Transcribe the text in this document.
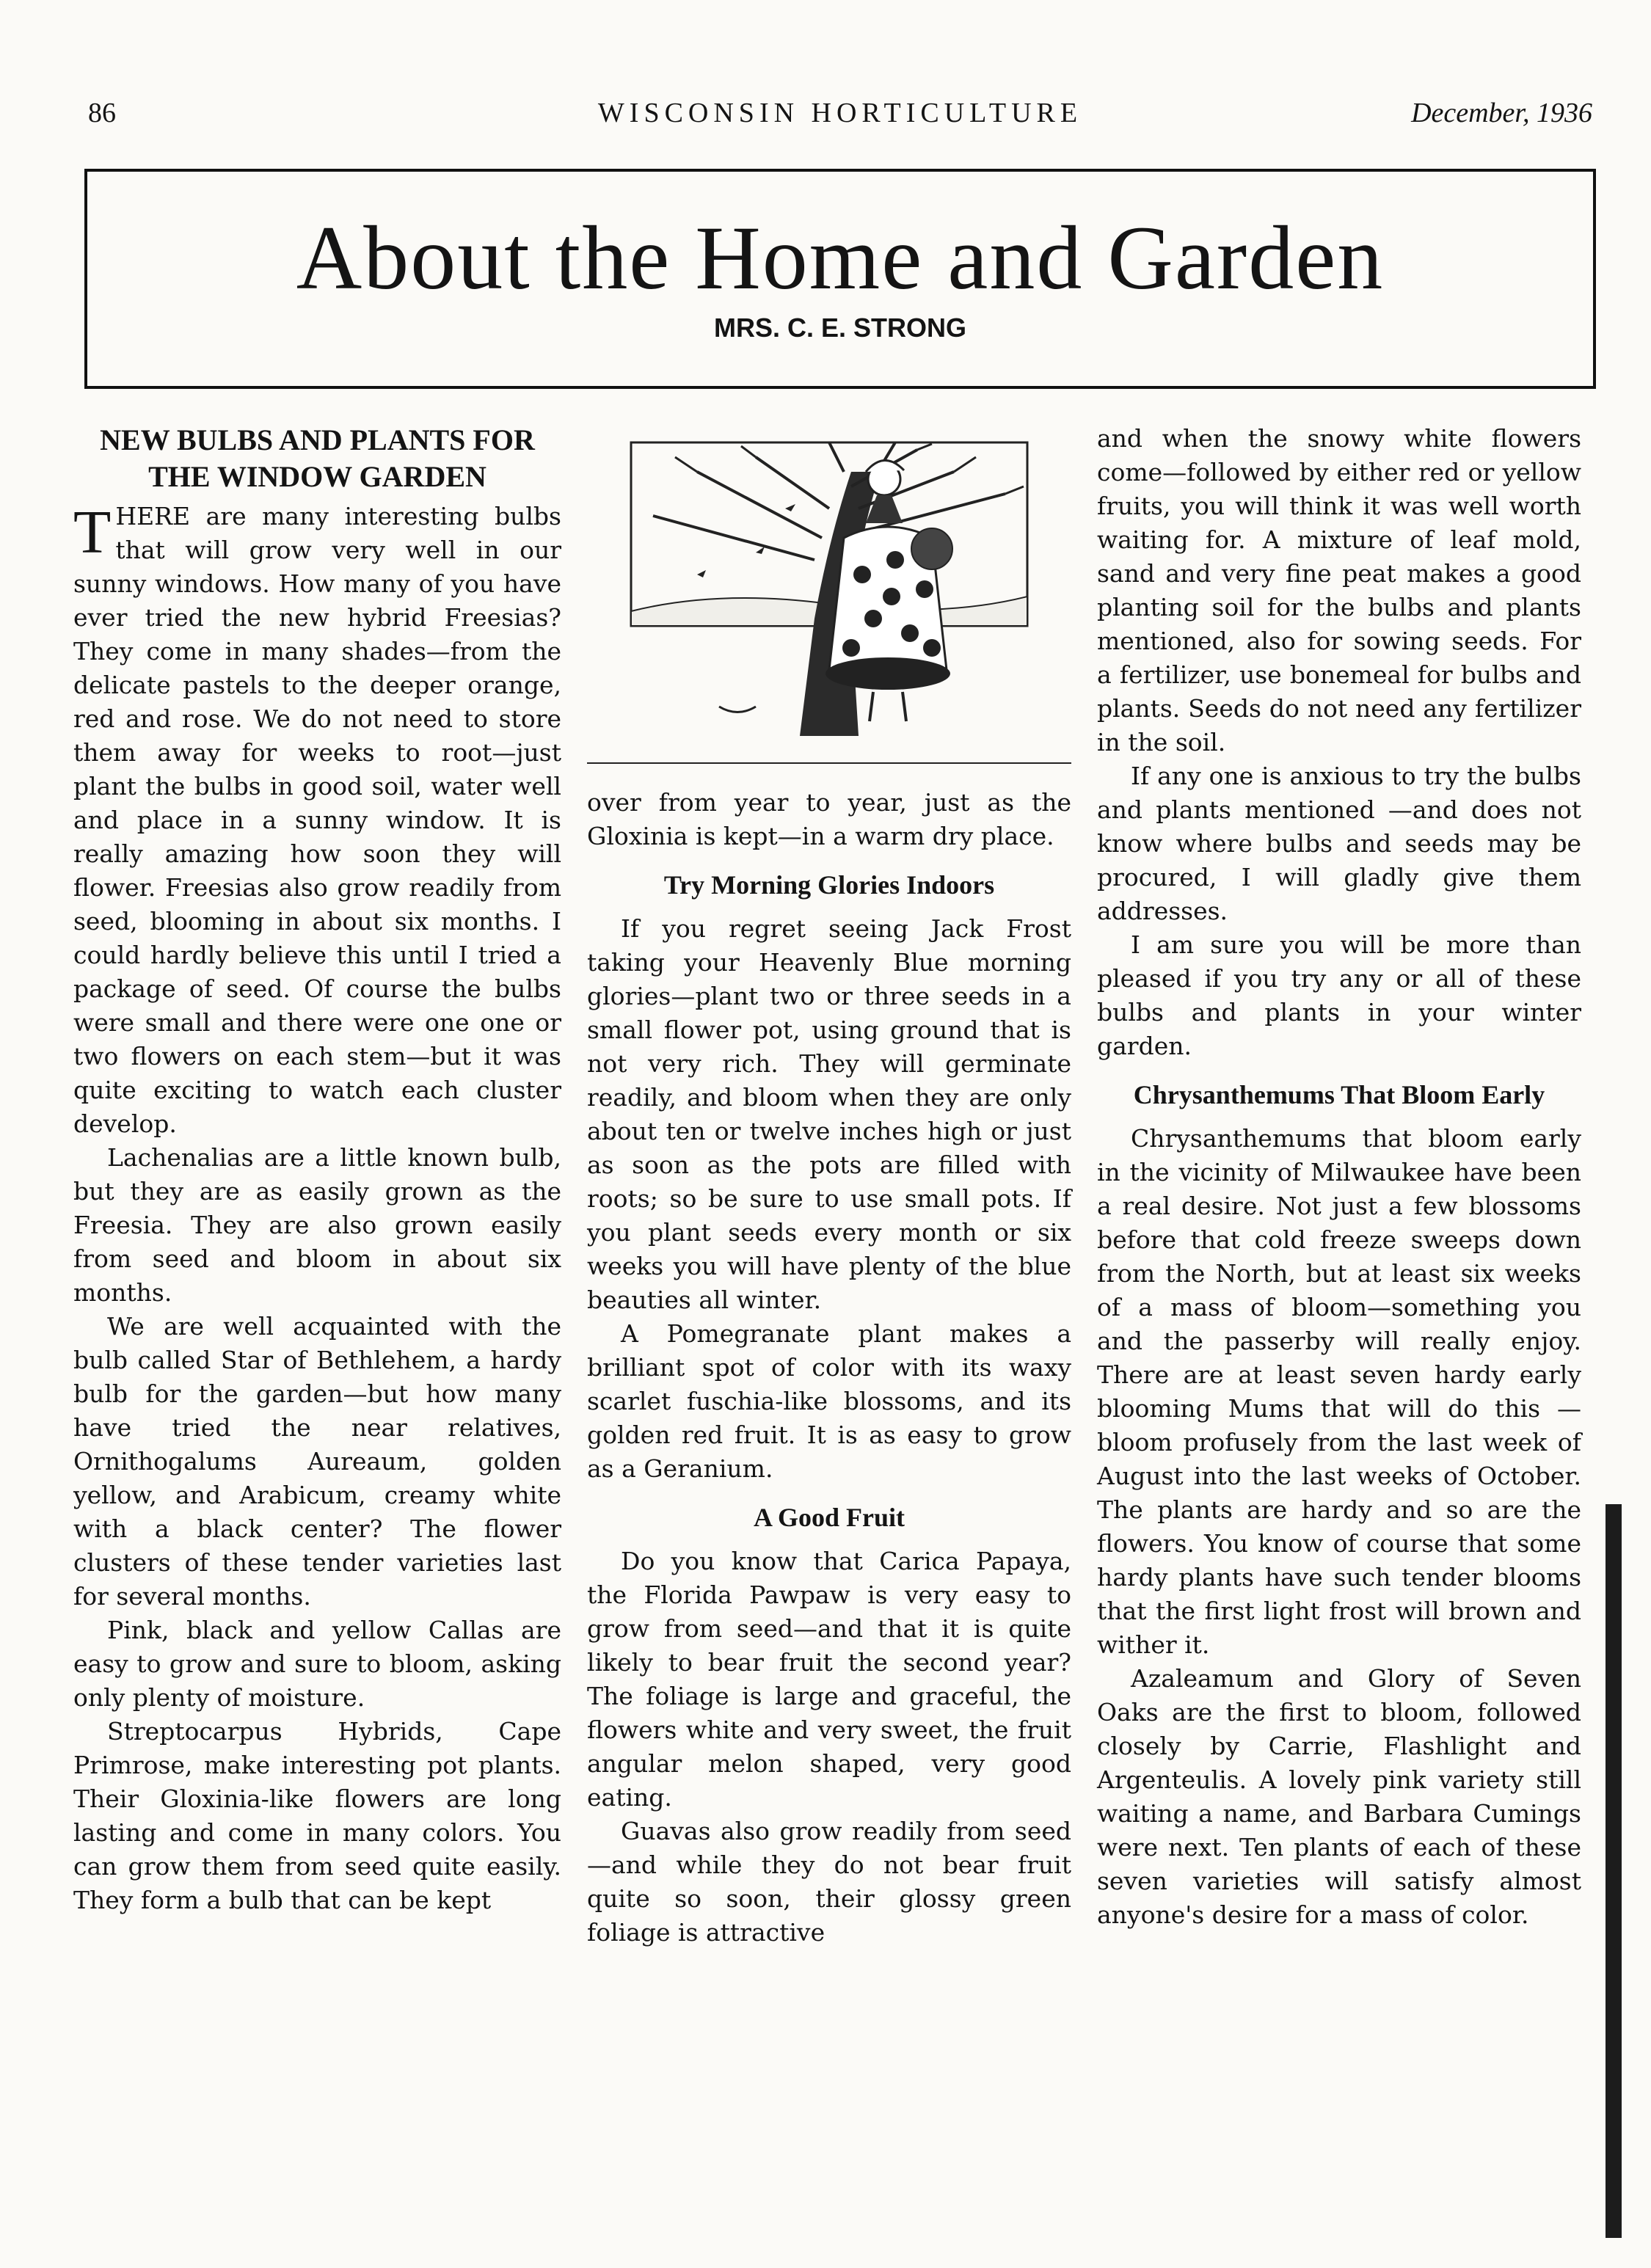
86	WISCONSIN HORTICULTURE	December, 1936
About the Home and Garden
MRS. C. E. STRONG
NEW BULBS AND PLANTS FOR THE WINDOW GARDEN

THERE are many interesting bulbs that will grow very well in our sunny windows. How many of you have ever tried the new hybrid Freesias? They come in many shades—from the delicate pastels to the deeper orange, red and rose. We do not need to store them away for weeks to root—just plant the bulbs in good soil, water well and place in a sunny window. It is really amazing how soon they will flower. Freesias also grow readily from seed, blooming in about six months. I could hardly believe this until I tried a package of seed. Of course the bulbs were small and there were one one or two flowers on each stem—but it was quite exciting to watch each cluster develop.

Lachenalias are a little known bulb, but they are as easily grown as the Freesia. They are also grown easily from seed and bloom in about six months.

We are well acquainted with the bulb called Star of Bethlehem, a hardy bulb for the garden—but how many have tried the near relatives, Ornithogalums Aureaum, golden yellow, and Arabicum, creamy white with a black center? The flower clusters of these tender varieties last for several months.

Pink, black and yellow Callas are easy to grow and sure to bloom, asking only plenty of moisture.

Streptocarpus Hybrids, Cape Primrose, make interesting pot plants. Their Gloxinia-like flowers are long lasting and come in many colors. You can grow them from seed quite easily. They form a bulb that can be kept

over from year to year, just as the Gloxinia is kept—in a warm dry place.

Try Morning Glories Indoors

If you regret seeing Jack Frost taking your Heavenly Blue morning glories—plant two or three seeds in a small flower pot, using ground that is not very rich. They will germinate readily, and bloom when they are only about ten or twelve inches high or just as soon as the pots are filled with roots; so be sure to use small pots. If you plant seeds every month or six weeks you will have plenty of the blue beauties all winter.

A Pomegranate plant makes a brilliant spot of color with its waxy scarlet fuschia-like blossoms, and its golden red fruit. It is as easy to grow as a Geranium.

A Good Fruit

Do you know that Carica Papaya, the Florida Pawpaw is very easy to grow from seed—and that it is quite likely to bear fruit the second year? The foliage is large and graceful, the flowers white and very sweet, the fruit angular melon shaped, very good eating.

Guavas also grow readily from seed—and while they do not bear fruit quite so soon, their glossy green foliage is attractive

and when the snowy white flowers come—followed by either red or yellow fruits, you will think it was well worth waiting for. A mixture of leaf mold, sand and very fine peat makes a good planting soil for the bulbs and plants mentioned, also for sowing seeds. For a fertilizer, use bonemeal for bulbs and plants. Seeds do not need any fertilizer in the soil.

If any one is anxious to try the bulbs and plants mentioned —and does not know where bulbs and seeds may be procured, I will gladly give them addresses.

I am sure you will be more than pleased if you try any or all of these bulbs and plants in your winter garden.

Chrysanthemums That Bloom Early

Chrysanthemums that bloom early in the vicinity of Milwaukee have been a real desire. Not just a few blossoms before that cold freeze sweeps down from the North, but at least six weeks of a mass of bloom—something you and the passerby will really enjoy. There are at least seven hardy early blooming Mums that will do this — bloom profusely from the last week of August into the last weeks of October. The plants are hardy and so are the flowers. You know of course that some hardy plants have such tender blooms that the first light frost will brown and wither it.

Azaleamum and Glory of Seven Oaks are the first to bloom, followed closely by Carrie, Flashlight and Argenteulis. A lovely pink variety still waiting a name, and Barbara Cumings were next. Ten plants of each of these seven varieties will satisfy almost anyone's desire for a mass of color.
